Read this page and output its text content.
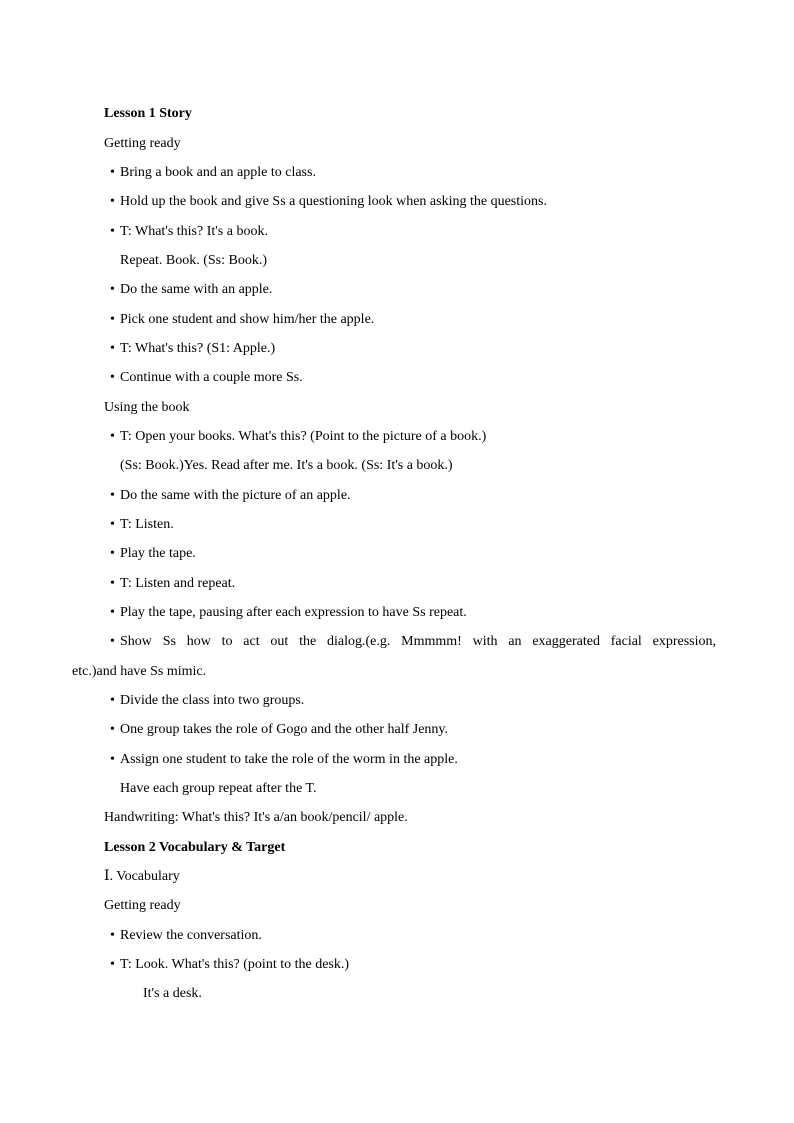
Lesson 1 Story
Getting ready
• Bring a book and an apple to class.
• Hold up the book and give Ss a questioning look when asking the questions.
• T: What's this? It's a book.
Repeat. Book. (Ss: Book.)
• Do the same with an apple.
• Pick one student and show him/her the apple.
• T: What's this? (S1: Apple.)
• Continue with a couple more Ss.
Using the book
• T: Open your books. What's this? (Point to the picture of a book.)
(Ss: Book.)Yes. Read after me. It's a book. (Ss: It's a book.)
• Do the same with the picture of an apple.
• T: Listen.
• Play the tape.
• T: Listen and repeat.
• Play the tape, pausing after each expression to have Ss repeat.
• Show Ss how to act out the dialog.(e.g. Mmmmm! with an exaggerated facial expression,
etc.)and have Ss mimic.
• Divide the class into two groups.
• One group takes the role of Gogo and the other half Jenny.
• Assign one student to take the role of the worm in the apple.
Have each group repeat after the T.
Handwriting: What's this? It's a/an book/pencil/ apple.
Lesson 2 Vocabulary & Target
Ⅰ. Vocabulary
Getting ready
• Review the conversation.
• T: Look. What's this? (point to the desk.)
It's a desk.
